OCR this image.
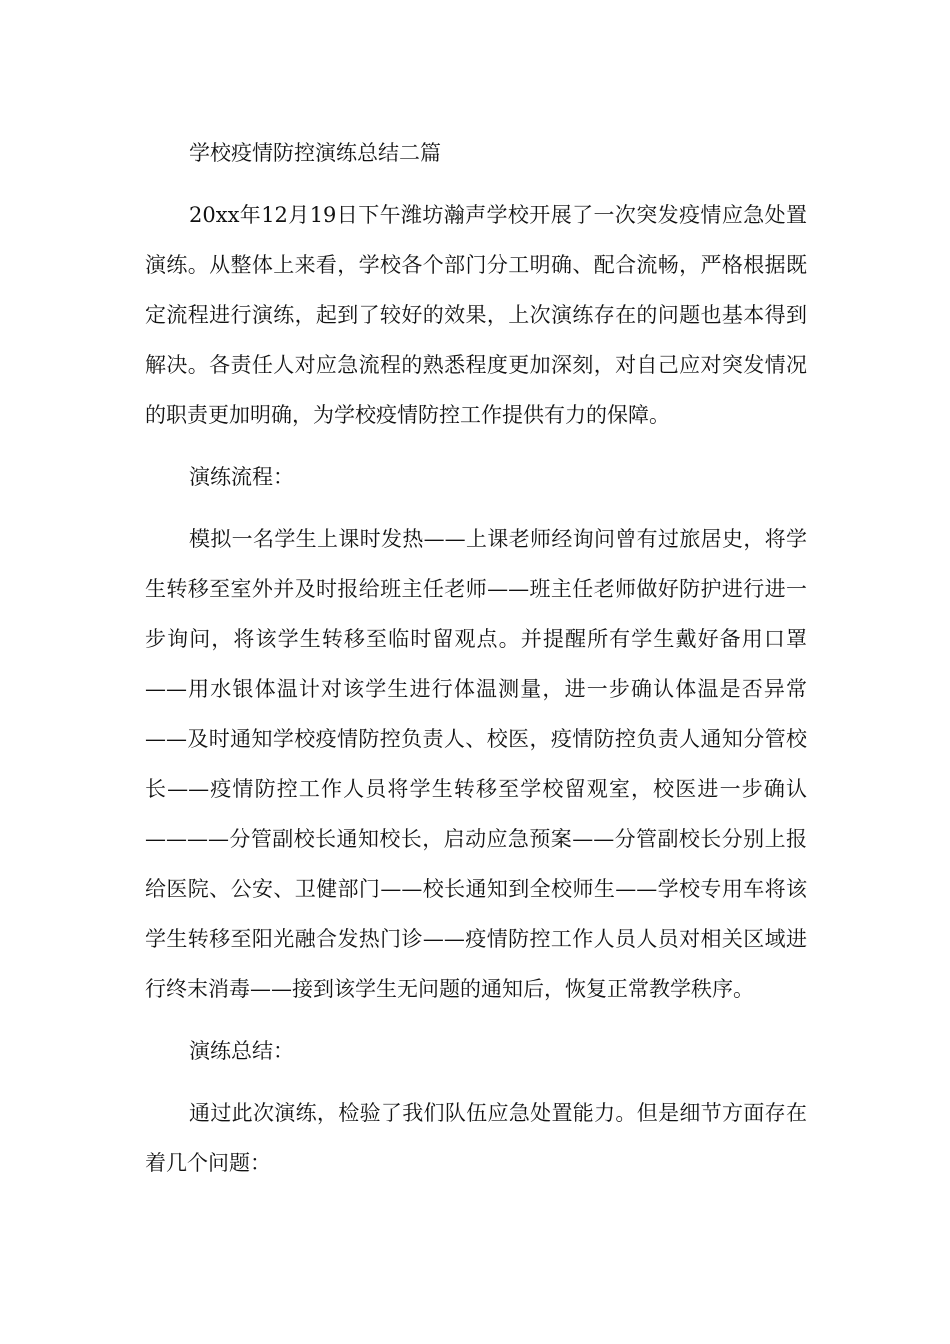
学校疫情防控演练总结二篇

20xx年12月19日下午潍坊瀚声学校开展了一次突发疫情应急处置演练。从整体上来看，学校各个部门分工明确、配合流畅，严格根据既定流程进行演练，起到了较好的效果，上次演练存在的问题也基本得到解决。各责任人对应急流程的熟悉程度更加深刻，对自己应对突发情况的职责更加明确，为学校疫情防控工作提供有力的保障。

演练流程：

模拟一名学生上课时发热——上课老师经询问曾有过旅居史，将学生转移至室外并及时报给班主任老师——班主任老师做好防护进行进一步询问，将该学生转移至临时留观点。并提醒所有学生戴好备用口罩——用水银体温计对该学生进行体温测量，进一步确认体温是否异常——及时通知学校疫情防控负责人、校医，疫情防控负责人通知分管校长——疫情防控工作人员将学生转移至学校留观室，校医进一步确认————分管副校长通知校长，启动应急预案——分管副校长分别上报给医院、公安、卫健部门——校长通知到全校师生——学校专用车将该学生转移至阳光融合发热门诊——疫情防控工作人员人员对相关区域进行终末消毒——接到该学生无问题的通知后，恢复正常教学秩序。

演练总结：

通过此次演练，检验了我们队伍应急处置能力。但是细节方面存在着几个问题：
